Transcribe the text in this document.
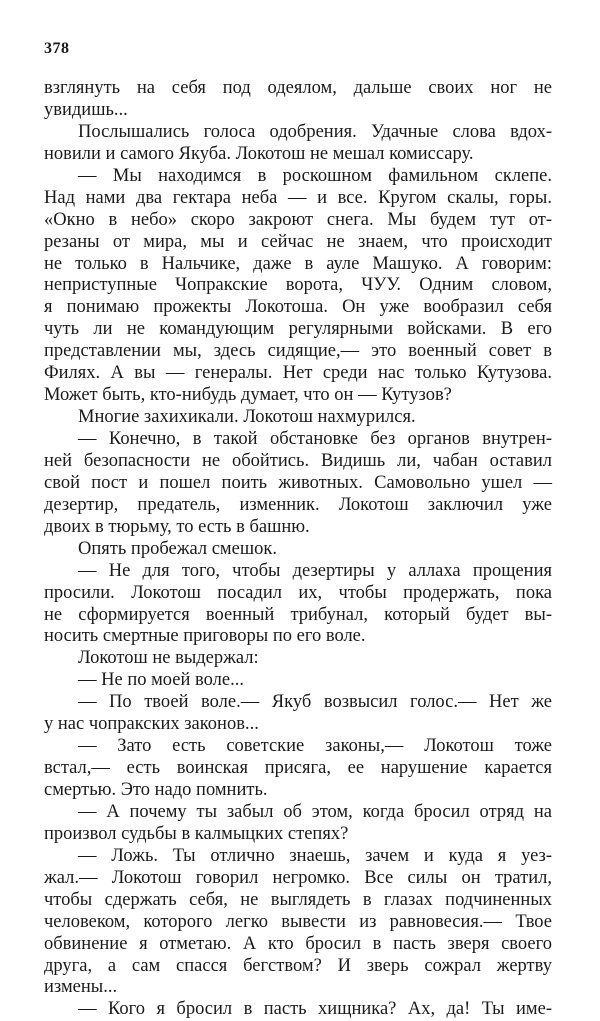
378
взглянуть на себя под одеялом, дальше своих ног не
увидишь...
Послышались голоса одобрения. Удачные слова вдох-
новили и самого Якуба. Локотош не мешал комиссару.
— Мы находимся в роскошном фамильном склепе.
Над нами два гектара неба — и все. Кругом скалы, горы.
«Окно в небо» скоро закроют снега. Мы будем тут от-
резаны от мира, мы и сейчас не знаем, что происходит
не только в Нальчике, даже в ауле Машуко. А говорим:
неприступные Чопракские ворота, ЧУУ. Одним словом,
я понимаю прожекты Локотоша. Он уже вообразил себя
чуть ли не командующим регулярными войсками. В его
представлении мы, здесь сидящие,— это военный совет в
Филях. А вы — генералы. Нет среди нас только Кутузова.
Может быть, кто-нибудь думает, что он — Кутузов?
Многие захихикали. Локотош нахмурился.
— Конечно, в такой обстановке без органов внутрен-
ней безопасности не обойтись. Видишь ли, чабан оставил
свой пост и пошел поить животных. Самовольно ушел —
дезертир, предатель, изменник. Локотош заключил уже
двоих в тюрьму, то есть в башню.
Опять пробежал смешок.
— Не для того, чтобы дезертиры у аллаха прощения
просили. Локотош посадил их, чтобы продержать, пока
не сформируется военный трибунал, который будет вы-
носить смертные приговоры по его воле.
Локотош не выдержал:
— Не по моей воле...
— По твоей воле.— Якуб возвысил голос.— Нет же
у нас чопракских законов...
— Зато есть советские законы,— Локотош тоже
встал,— есть воинская присяга, ее нарушение карается
смертью. Это надо помнить.
— А почему ты забыл об этом, когда бросил отряд на
произвол судьбы в калмыцких степях?
— Ложь. Ты отлично знаешь, зачем и куда я уез-
жал.— Локотош говорил негромко. Все силы он тратил,
чтобы сдержать себя, не выглядеть в глазах подчиненных
человеком, которого легко вывести из равновесия.— Твое
обвинение я отметаю. А кто бросил в пасть зверя своего
друга, а сам спасся бегством? И зверь сожрал жертву
измены...
— Кого я бросил в пасть хищника? Ах, да! Ты име-
